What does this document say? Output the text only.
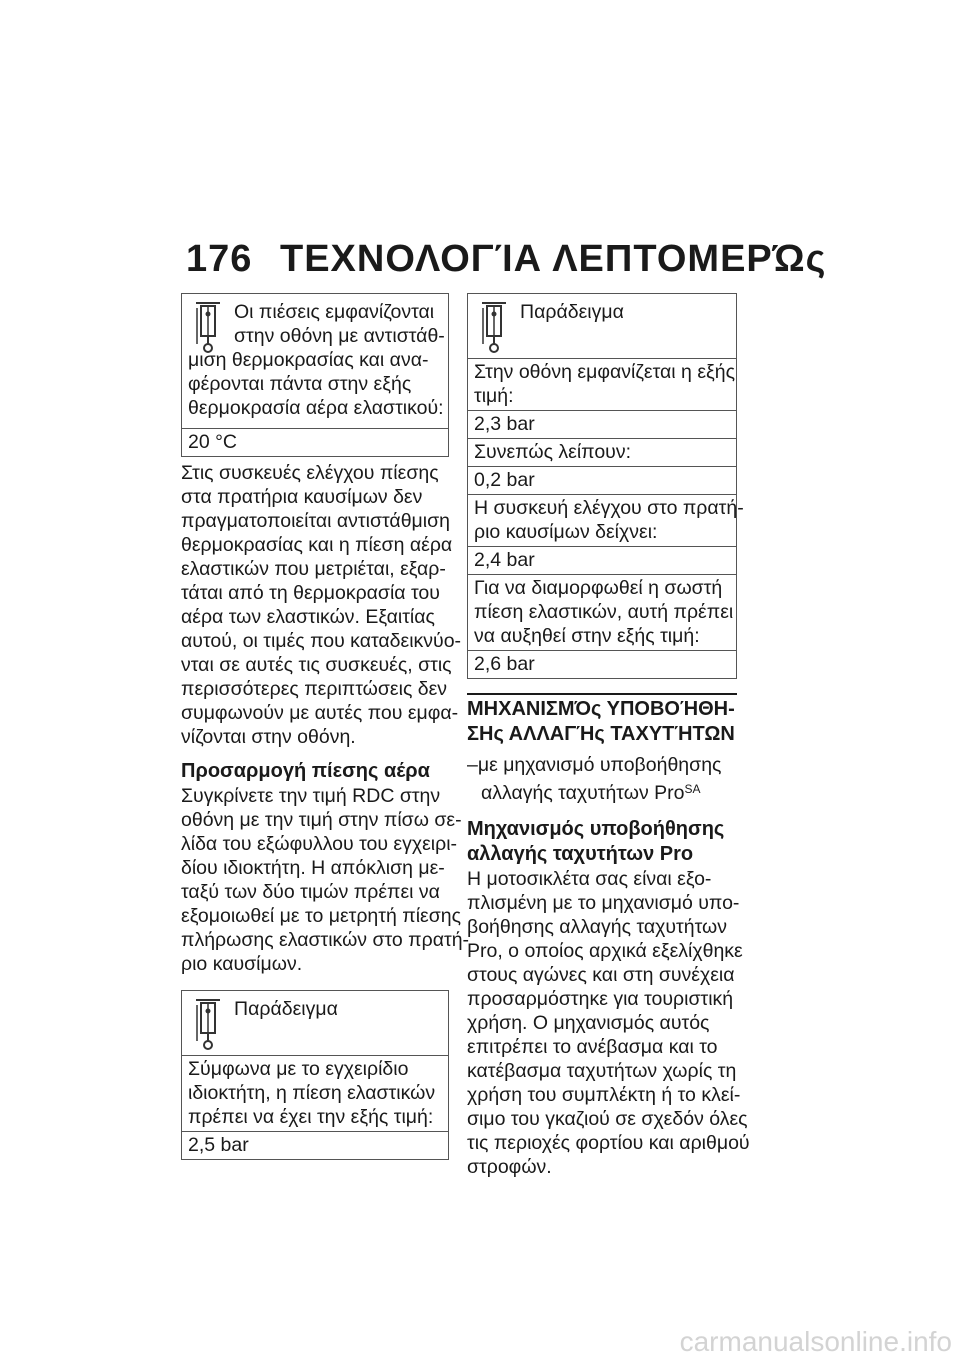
176 ΤΕΧΝΟΛΟΓΊΑ ΛΕΠΤΟΜΕΡΏς
Οι πιέσεις εμφανίζονται
στην οθόνη με αντιστάθ-
μιση θερμοκρασίας και ανα-
φέρονται πάντα στην εξής
θερμοκρασία αέρα ελαστικού:
20 °C
Στις συσκευές ελέγχου πίεσης
στα πρατήρια καυσίμων δεν
πραγματοποιείται αντιστάθμιση
θερμοκρασίας και η πίεση αέρα
ελαστικών που μετριέται, εξαρ-
τάται από τη θερμοκρασία του
αέρα των ελαστικών. Εξαιτίας
αυτού, οι τιμές που καταδεικνύο-
νται σε αυτές τις συσκευές, στις
περισσότερες περιπτώσεις δεν
συμφωνούν με αυτές που εμφα-
νίζονται στην οθόνη.
Προσαρμογή πίεσης αέρα
Συγκρίνετε την τιμή RDC στην
οθόνη με την τιμή στην πίσω σε-
λίδα του εξώφυλλου του εγχειρι-
δίου ιδιοκτήτη. Η απόκλιση με-
ταξύ των δύο τιμών πρέπει να
εξομοιωθεί με το μετρητή πίεσης
πλήρωσης ελαστικών στο πρατή-
ριο καυσίμων.
Παράδειγμα
Σύμφωνα με το εγχειρίδιο
ιδιοκτήτη, η πίεση ελαστικών
πρέπει να έχει την εξής τιμή:
2,5 bar
Παράδειγμα
Στην οθόνη εμφανίζεται η εξής
τιμή:
2,3 bar
Συνεπώς λείπουν:
0,2 bar
Η συσκευή ελέγχου στο πρατή-
ριο καυσίμων δείχνει:
2,4 bar
Για να διαμορφωθεί η σωστή
πίεση ελαστικών, αυτή πρέπει
να αυξηθεί στην εξής τιμή:
2,6 bar
ΜΗΧΑΝΙΣΜΌς ΥΠΟΒΟΉΘΗ-
ΣΗς ΑΛΛΑΓΉς ΤΑΧΥΤΉΤΩΝ
–με μηχανισμό υποβοήθησης
αλλαγής ταχυτήτων Pro$^{SA}$
Μηχανισμός υποβοήθησης
αλλαγής ταχυτήτων Pro
Η μοτοσικλέτα σας είναι εξο-
πλισμένη με το μηχανισμό υπο-
βοήθησης αλλαγής ταχυτήτων
Pro, ο οποίος αρχικά εξελίχθηκε
στους αγώνες και στη συνέχεια
προσαρμόστηκε για τουριστική
χρήση. Ο μηχανισμός αυτός
επιτρέπει το ανέβασμα και το
κατέβασμα ταχυτήτων χωρίς τη
χρήση του συμπλέκτη ή το κλεί-
σιμο του γκαζιού σε σχεδόν όλες
τις περιοχές φορτίου και αριθμού
στροφών.
carmanualsonline.info
